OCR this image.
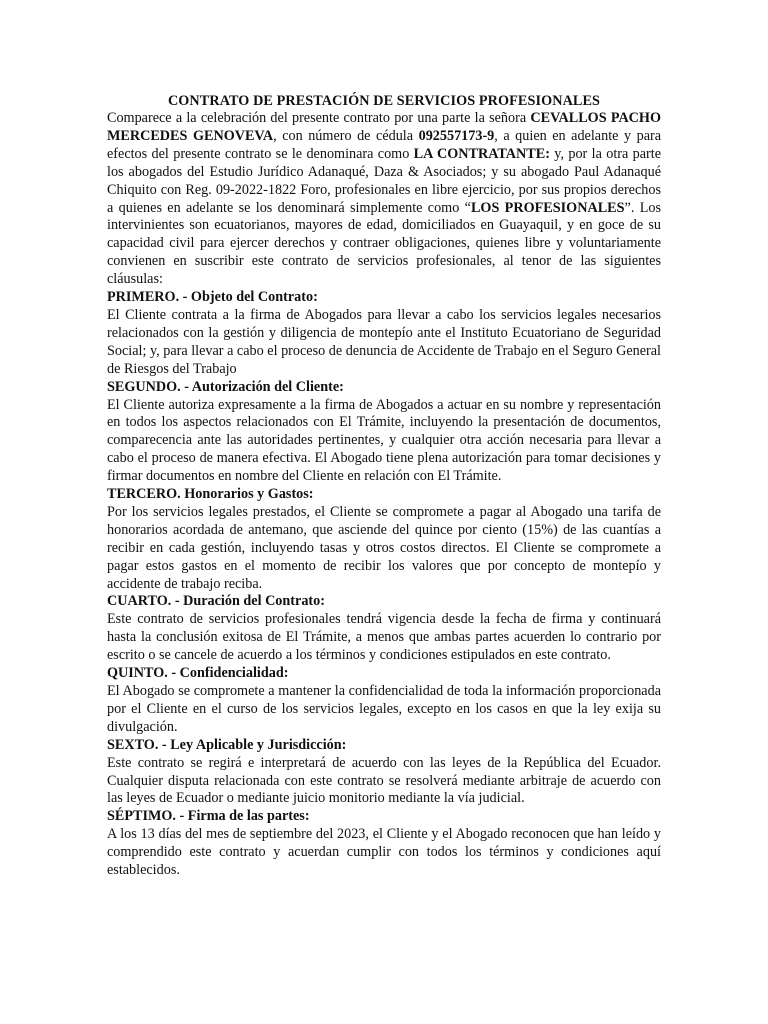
CONTRATO DE PRESTACIÓN DE SERVICIOS PROFESIONALES

Comparece a la celebración del presente contrato por una parte la señora CEVALLOS PACHO MERCEDES GENOVEVA, con número de cédula 092557173-9, a quien en adelante y para efectos del presente contrato se le denominara como LA CONTRATANTE: y, por la otra parte los abogados del Estudio Jurídico Adanaqué, Daza & Asociados; y su abogado Paul Adanaqué Chiquito con Reg. 09-2022-1822 Foro, profesionales en libre ejercicio, por sus propios derechos a quienes en adelante se los denominará simplemente como “LOS PROFESIONALES”. Los intervinientes son ecuatorianos, mayores de edad, domiciliados en Guayaquil, y en goce de su capacidad civil para ejercer derechos y contraer obligaciones, quienes libre y voluntariamente convienen en suscribir este contrato de servicios profesionales, al tenor de las siguientes cláusulas:

PRIMERO. - Objeto del Contrato:

El Cliente contrata a la firma de Abogados para llevar a cabo los servicios legales necesarios relacionados con la gestión y diligencia de montepío ante el Instituto Ecuatoriano de Seguridad Social; y, para llevar a cabo el proceso de denuncia de Accidente de Trabajo en el Seguro General de Riesgos del Trabajo

SEGUNDO. - Autorización del Cliente:

El Cliente autoriza expresamente a la firma de Abogados a actuar en su nombre y representación en todos los aspectos relacionados con El Trámite, incluyendo la presentación de documentos, comparecencia ante las autoridades pertinentes, y cualquier otra acción necesaria para llevar a cabo el proceso de manera efectiva. El Abogado tiene plena autorización para tomar decisiones y firmar documentos en nombre del Cliente en relación con El Trámite.

TERCERO. Honorarios y Gastos:

Por los servicios legales prestados, el Cliente se compromete a pagar al Abogado una tarifa de honorarios acordada de antemano, que asciende del quince por ciento (15%) de las cuantías a recibir en cada gestión, incluyendo tasas y otros costos directos. El Cliente se compromete a pagar estos gastos en el momento de recibir los valores que por concepto de montepío y accidente de trabajo reciba.

CUARTO. - Duración del Contrato:

Este contrato de servicios profesionales tendrá vigencia desde la fecha de firma y continuará hasta la conclusión exitosa de El Trámite, a menos que ambas partes acuerden lo contrario por escrito o se cancele de acuerdo a los términos y condiciones estipulados en este contrato.

QUINTO. - Confidencialidad:

El Abogado se compromete a mantener la confidencialidad de toda la información proporcionada por el Cliente en el curso de los servicios legales, excepto en los casos en que la ley exija su divulgación.

SEXTO. - Ley Aplicable y Jurisdicción:

Este contrato se regirá e interpretará de acuerdo con las leyes de la República del Ecuador. Cualquier disputa relacionada con este contrato se resolverá mediante arbitraje de acuerdo con las leyes de Ecuador o mediante juicio monitorio mediante la vía judicial.

SÉPTIMO. - Firma de las partes:

A los 13 días del mes de septiembre del 2023, el Cliente y el Abogado reconocen que han leído y comprendido este contrato y acuerdan cumplir con todos los términos y condiciones aquí establecidos.
